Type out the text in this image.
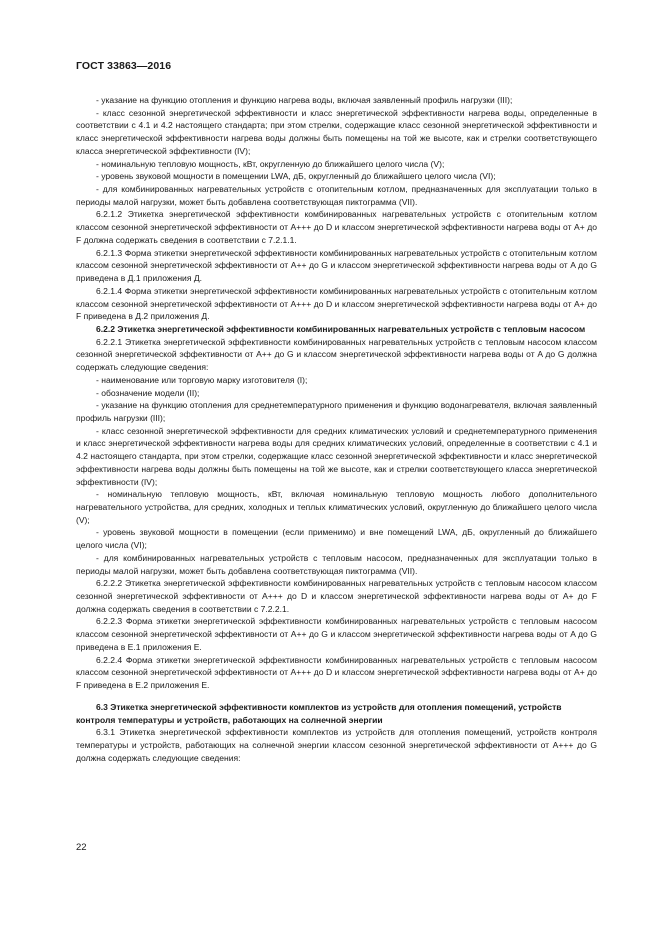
ГОСТ 33863—2016

- указание на функцию отопления и функцию нагрева воды, включая заявленный профиль нагрузки (III);

- класс сезонной энергетической эффективности и класс энергетической эффективности нагрева воды, определенные в соответствии с 4.1 и 4.2 настоящего стандарта; при этом стрелки, содержащие класс сезонной энергетической эффективности и класс энергетической эффективности нагрева воды должны быть помещены на той же высоте, как и стрелки соответствующего класса энергетической эффективности (IV);

- номинальную тепловую мощность, кВт, округленную до ближайшего целого числа (V);

- уровень звуковой мощности в помещении LWA, дБ, округленный до ближайшего целого числа (VI);

- для комбинированных нагревательных устройств с отопительным котлом, предназначенных для эксплуатации только в периоды малой нагрузки, может быть добавлена соответствующая пиктограмма (VII).

6.2.1.2 Этикетка энергетической эффективности комбинированных нагревательных устройств с отопительным котлом классом сезонной энергетической эффективности от A+++ до D и классом энергетической эффективности нагрева воды от A+ до F должна содержать сведения в соответствии с 7.2.1.1.

6.2.1.3 Форма этикетки энергетической эффективности комбинированных нагревательных устройств с отопительным котлом классом сезонной энергетической эффективности от A++ до G и классом энергетической эффективности нагрева воды от A до G приведена в Д.1 приложения Д.

6.2.1.4 Форма этикетки энергетической эффективности комбинированных нагревательных устройств с отопительным котлом классом сезонной энергетической эффективности от A+++ до D и классом энергетической эффективности нагрева воды от A+ до F приведена в Д.2 приложения Д.

6.2.2 Этикетка энергетической эффективности комбинированных нагревательных устройств с тепловым насосом

6.2.2.1 Этикетка энергетической эффективности комбинированных нагревательных устройств с тепловым насосом классом сезонной энергетической эффективности от A++ до G и классом энергетической эффективности нагрева воды от A до G должна содержать следующие сведения:

- наименование или торговую марку изготовителя (I);

- обозначение модели (II);

- указание на функцию отопления для среднетемпературного применения и функцию водонагревателя, включая заявленный профиль нагрузки (III);

- класс сезонной энергетической эффективности для средних климатических условий и среднетемпературного применения и класс энергетической эффективности нагрева воды для средних климатических условий, определенные в соответствии с 4.1 и 4.2 настоящего стандарта, при этом стрелки, содержащие класс сезонной энергетической эффективности и класс энергетической эффективности нагрева воды должны быть помещены на той же высоте, как и стрелки соответствующего класса энергетической эффективности (IV);

- номинальную тепловую мощность, кВт, включая номинальную тепловую мощность любого дополнительного нагревательного устройства, для средних, холодных и теплых климатических условий, округленную до ближайшего целого числа (V);

- уровень звуковой мощности в помещении (если применимо) и вне помещений LWA, дБ, округленный до ближайшего целого числа (VI);

- для комбинированных нагревательных устройств с тепловым насосом, предназначенных для эксплуатации только в периоды малой нагрузки, может быть добавлена соответствующая пиктограмма (VII).

6.2.2.2 Этикетка энергетической эффективности комбинированных нагревательных устройств с тепловым насосом классом сезонной энергетической эффективности от A+++ до D и классом энергетической эффективности нагрева воды от A+ до F должна содержать сведения в соответствии с 7.2.2.1.

6.2.2.3 Форма этикетки энергетической эффективности комбинированных нагревательных устройств с тепловым насосом классом сезонной энергетической эффективности от A++ до G и классом энергетической эффективности нагрева воды от A до G приведена в Е.1 приложения Е.

6.2.2.4 Форма этикетки энергетической эффективности комбинированных нагревательных устройств с тепловым насосом классом сезонной энергетической эффективности от A+++ до D и классом энергетической эффективности нагрева воды от A+ до F приведена в Е.2 приложения Е.

6.3 Этикетка энергетической эффективности комплектов из устройств для отопления помещений, устройств контроля температуры и устройств, работающих на солнечной энергии

6.3.1 Этикетка энергетической эффективности комплектов из устройств для отопления помещений, устройств контроля температуры и устройств, работающих на солнечной энергии классом сезонной энергетической эффективности от A+++ до G должна содержать следующие сведения:

22
